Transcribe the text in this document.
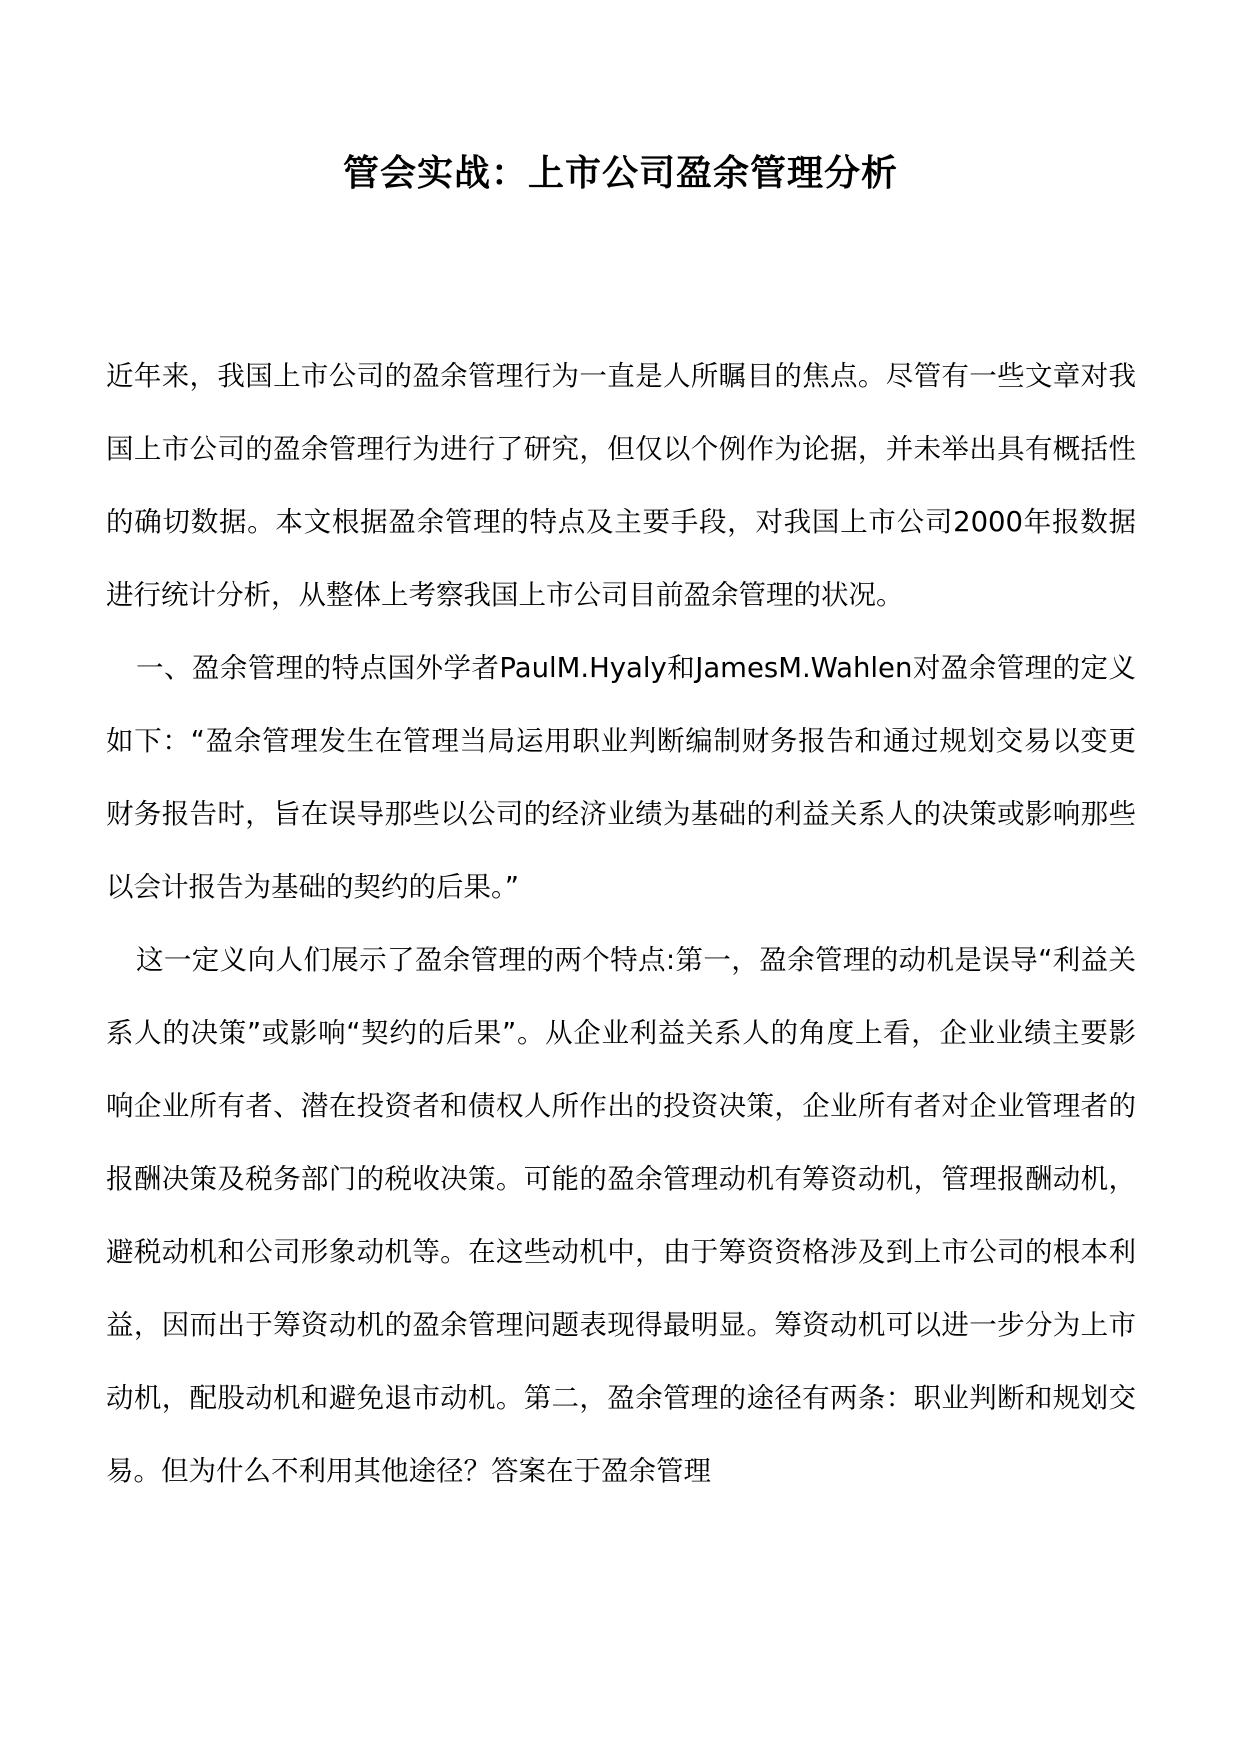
管会实战：上市公司盈余管理分析

近年来，我国上市公司的盈余管理行为一直是人所瞩目的焦点。尽管有一些文章对我国上市公司的盈余管理行为进行了研究，但仅以个例作为论据，并未举出具有概括性的确切数据。本文根据盈余管理的特点及主要手段，对我国上市公司2000年报数据进行统计分析，从整体上考察我国上市公司目前盈余管理的状况。

一、盈余管理的特点国外学者PaulM.Hyaly和JamesM.Wahlen对盈余管理的定义如下：“盈余管理发生在管理当局运用职业判断编制财务报告和通过规划交易以变更财务报告时，旨在误导那些以公司的经济业绩为基础的利益关系人的决策或影响那些以会计报告为基础的契约的后果。”

这一定义向人们展示了盈余管理的两个特点:第一，盈余管理的动机是误导“利益关系人的决策”或影响“契约的后果”。从企业利益关系人的角度上看，企业业绩主要影响企业所有者、潜在投资者和债权人所作出的投资决策，企业所有者对企业管理者的报酬决策及税务部门的税收决策。可能的盈余管理动机有筹资动机，管理报酬动机，避税动机和公司形象动机等。在这些动机中，由于筹资资格涉及到上市公司的根本利益，因而出于筹资动机的盈余管理问题表现得最明显。筹资动机可以进一步分为上市动机，配股动机和避免退市动机。第二，盈余管理的途径有两条：职业判断和规划交易。但为什么不利用其他途径？答案在于盈余管理
